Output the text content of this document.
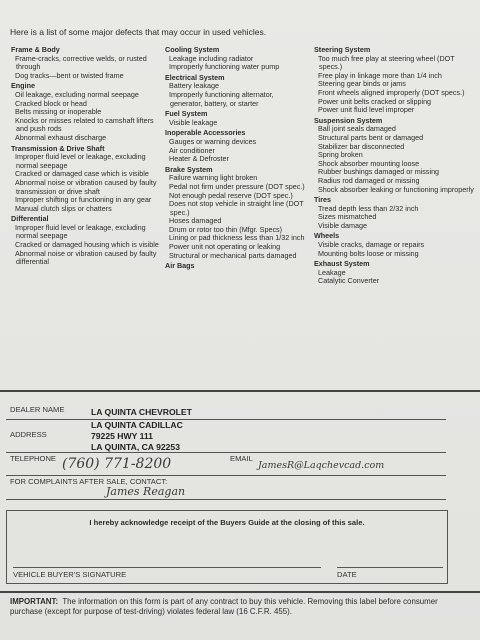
Here is a list of some major defects that may occur in used vehicles.
Frame & Body
Frame-cracks, corrective welds, or rusted through
Dog tracks—bent or twisted frame
Engine
Oil leakage, excluding normal seepage
Cracked block or head
Belts missing or inoperable
Knocks or misses related to camshaft lifters and push rods
Abnormal exhaust discharge
Transmission & Drive Shaft
Improper fluid level or leakage, excluding normal seepage
Cracked or damaged case which is visible
Abnormal noise or vibration caused by faulty transmission or drive shaft
Improper shifting or functioning in any gear
Manual clutch slips or chatters
Differential
Improper fluid level or leakage, excluding normal seepage
Cracked or damaged housing which is visible
Abnormal noise or vibration caused by faulty differential
Cooling System
Leakage including radiator
Improperly functioning water pump
Electrical System
Battery leakage
Improperly functioning alternator, generator, battery, or starter
Fuel System
Visible leakage
Inoperable Accessories
Gauges or warning devices
Air conditioner
Heater & Defroster
Brake System
Failure warning light broken
Pedal not firm under pressure (DOT spec.)
Not enough pedal reserve (DOT spec.)
Does not stop vehicle in straight line (DOT spec.)
Hoses damaged
Drum or rotor too thin (Mfgr. Specs)
Lining or pad thickness less than 1/32 inch
Power unit not operating or leaking
Structural or mechanical parts damaged
Air Bags
Steering System
Too much free play at steering wheel (DOT specs.)
Free play in linkage more than 1/4 inch
Steering gear binds or jams
Front wheels aligned improperly (DOT specs.)
Power unit belts cracked or slipping
Power unit fluid level improper
Suspension System
Ball joint seals damaged
Structural parts bent or damaged
Stabilizer bar disconnected
Spring broken
Shock absorber mounting loose
Rubber bushings damaged or missing
Radius rod damaged or missing
Shock absorber leaking or functioning improperly
Tires
Tread depth less than 2/32 inch
Sizes mismatched
Visible damage
Wheels
Visible cracks, damage or repairs
Mounting bolts loose or missing
Exhaust System
Leakage
Catalytic Converter
DEALER NAME	LA QUINTA CHEVROLET
LA QUINTA CADILLAC
ADDRESS	79225 HWY 111
LA QUINTA, CA 92253
TELEPHONE (760) 771-8200	EMAIL
JamesR@Laqchevcad.com
FOR COMPLAINTS AFTER SALE, CONTACT:
James Reagan
I hereby acknowledge receipt of the Buyers Guide at the closing of this sale.
VEHICLE BUYER'S SIGNATURE	DATE
IMPORTANT: The information on this form is part of any contract to buy this vehicle. Removing this label before consumer purchase (except for purpose of test-driving) violates federal law (16 C.F.R. 455).
